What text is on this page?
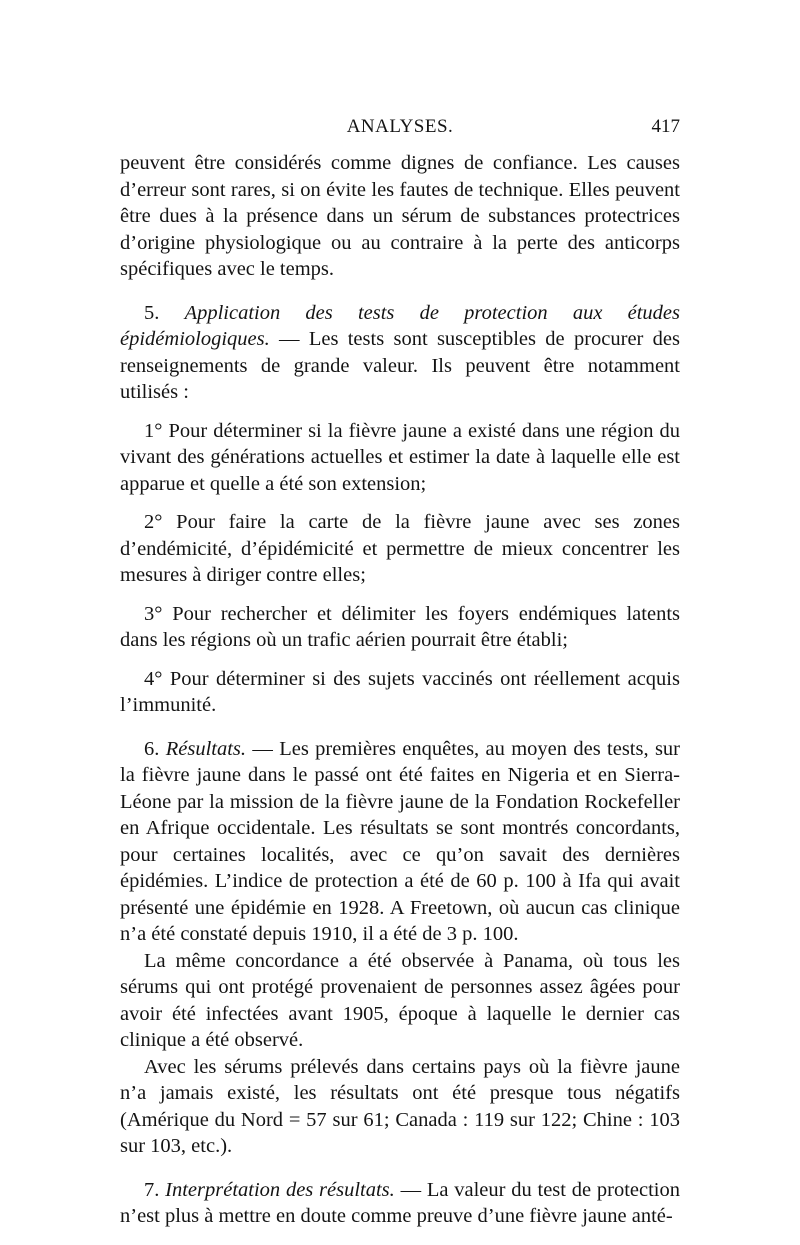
ANALYSES.	417

peuvent être considérés comme dignes de confiance. Les causes d’erreur sont rares, si on évite les fautes de technique. Elles peuvent être dues à la présence dans un sérum de substances protectrices d’origine physiologique ou au contraire à la perte des anticorps spécifiques avec le temps.

5. Application des tests de protection aux études épidémiologiques. — Les tests sont susceptibles de procurer des renseignements de grande valeur. Ils peuvent être notamment utilisés :

1° Pour déterminer si la fièvre jaune a existé dans une région du vivant des générations actuelles et estimer la date à laquelle elle est apparue et quelle a été son extension;

2° Pour faire la carte de la fièvre jaune avec ses zones d’endémicité, d’épidémicité et permettre de mieux concentrer les mesures à diriger contre elles;

3° Pour rechercher et délimiter les foyers endémiques latents dans les régions où un trafic aérien pourrait être établi;

4° Pour déterminer si des sujets vaccinés ont réellement acquis l’immunité.

6. Résultats. — Les premières enquêtes, au moyen des tests, sur la fièvre jaune dans le passé ont été faites en Nigeria et en Sierra-Léone par la mission de la fièvre jaune de la Fondation Rockefeller en Afrique occidentale. Les résultats se sont montrés concordants, pour certaines localités, avec ce qu’on savait des dernières épidémies. L’indice de protection a été de 60 p. 100 à Ifa qui avait présenté une épidémie en 1928. A Freetown, où aucun cas clinique n’a été constaté depuis 1910, il a été de 3 p. 100.

La même concordance a été observée à Panama, où tous les sérums qui ont protégé provenaient de personnes assez âgées pour avoir été infectées avant 1905, époque à laquelle le dernier cas clinique a été observé.

Avec les sérums prélevés dans certains pays où la fièvre jaune n’a jamais existé, les résultats ont été presque tous négatifs (Amérique du Nord = 57 sur 61; Canada : 119 sur 122; Chine : 103 sur 103, etc.).

7. Interprétation des résultats. — La valeur du test de protection n’est plus à mettre en doute comme preuve d’une fièvre jaune anté-
